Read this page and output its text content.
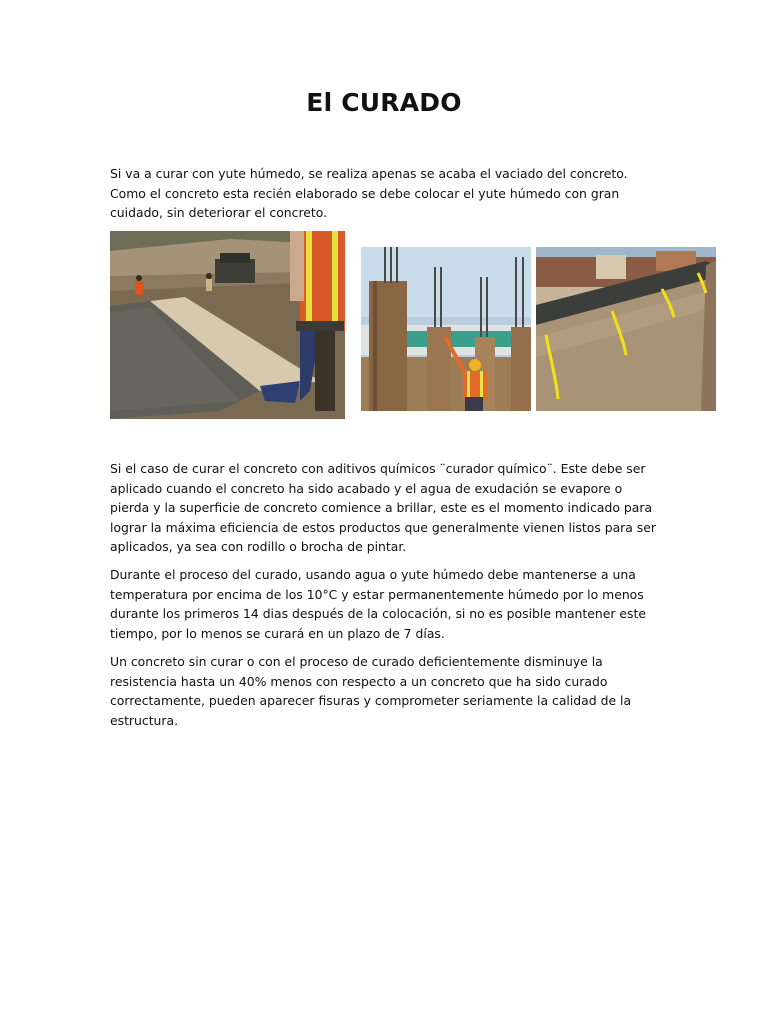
El CURADO

Si va a curar con yute húmedo, se realiza apenas se acaba el vaciado del concreto. Como el concreto esta recién elaborado se debe colocar el yute húmedo con gran cuidado, sin deteriorar el concreto.

Si el caso de curar el concreto con aditivos químicos ¨curador químico¨. Este debe ser aplicado cuando el concreto ha sido acabado y el agua de exudación se evapore o pierda y la superficie de concreto comience a brillar, este es el momento indicado para lograr la máxima eficiencia de estos productos que generalmente vienen listos para ser aplicados, ya sea con rodillo o brocha de pintar.

Durante el proceso del curado, usando agua o yute húmedo debe mantenerse a una temperatura por encima de los 10°C y estar permanentemente húmedo por lo menos durante los primeros 14 dias después de la colocación, si no es posible mantener este tiempo, por lo menos se curará en un plazo de 7 días.

Un concreto sin curar o con el proceso de curado deficientemente disminuye la resistencia hasta un 40% menos con respecto a un concreto que ha sido curado correctamente, pueden aparecer fisuras y comprometer seriamente la calidad de la estructura.
